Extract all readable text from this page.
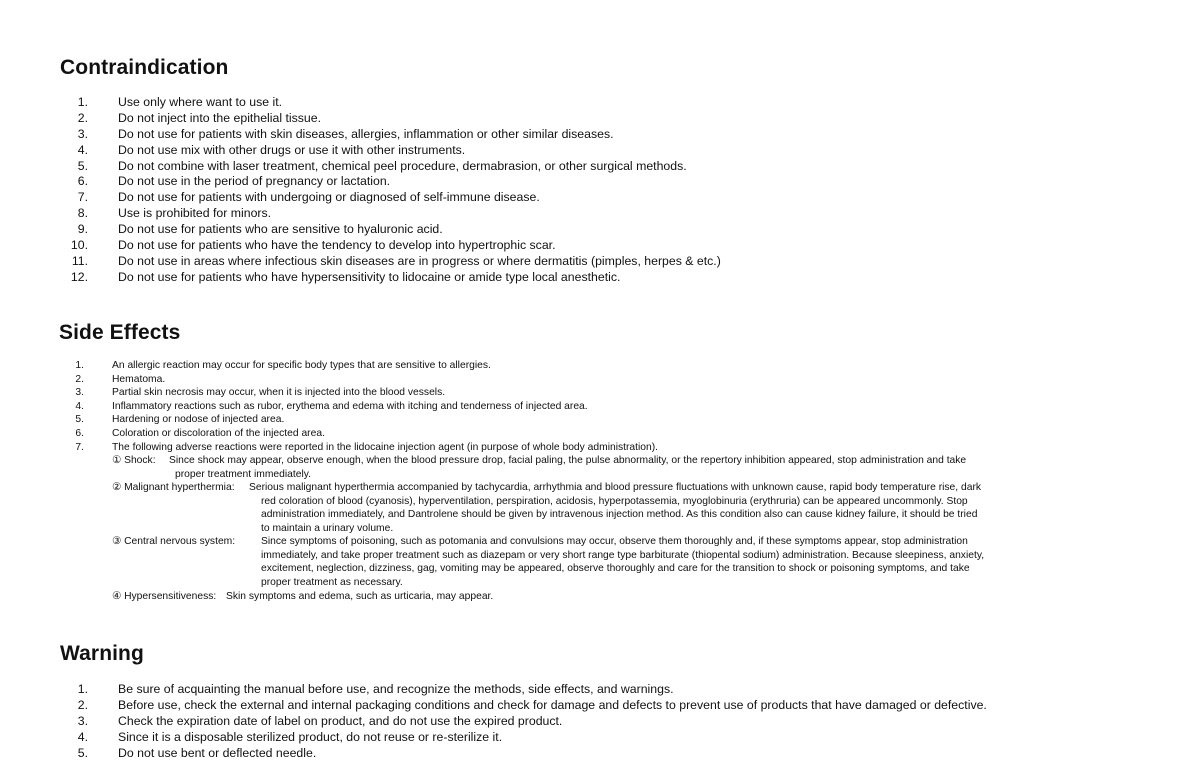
Contraindication
1. Use only where want to use it.
2. Do not inject into the epithelial tissue.
3. Do not use for patients with skin diseases, allergies, inflammation or other similar diseases.
4. Do not use mix with other drugs or use it with other instruments.
5. Do not combine with laser treatment, chemical peel procedure, dermabrasion, or other surgical methods.
6. Do not use in the period of pregnancy or lactation.
7. Do not use for patients with undergoing or diagnosed of self-immune disease.
8. Use is prohibited for minors.
9. Do not use for patients who are sensitive to hyaluronic acid.
10. Do not use for patients who have the tendency to develop into hypertrophic scar.
11. Do not use in areas where infectious skin diseases are in progress or where dermatitis (pimples, herpes & etc.)
12. Do not use for patients who have hypersensitivity to lidocaine or amide type local anesthetic.
Side Effects
1.	An allergic reaction may occur for specific body types that are sensitive to allergies.
2.	Hematoma.
3.	Partial skin necrosis may occur, when it is injected into the blood vessels.
4.	Inflammatory reactions such as rubor, erythema and edema with itching and tenderness of injected area.
5.	Hardening or nodose of injected area.
6.	Coloration or discoloration of the injected area.
7.	The following adverse reactions were reported in the lidocaine injection agent (in purpose of whole body administration).
① Shock: Since shock may appear, observe enough, when the blood pressure drop, facial paling, the pulse abnormality, or the repertory inhibition appeared, stop administration and take
proper treatment immediately.
② Malignant hyperthermia: Serious malignant hyperthermia accompanied by tachycardia, arrhythmia and blood pressure fluctuations with unknown cause, rapid body temperature rise, dark
red coloration of blood (cyanosis), hyperventilation, perspiration, acidosis, hyperpotassemia, myoglobinuria (erythruria) can be appeared uncommonly. Stop
administration immediately, and Dantrolene should be given by intravenous injection method. As this condition also can cause kidney failure, it should be tried
to maintain a urinary volume.
③ Central nervous system:	Since symptoms of poisoning, such as potomania and convulsions may occur, observe them thoroughly and, if these symptoms appear, stop administration
immediately, and take proper treatment such as diazepam or very short range type barbiturate (thiopental sodium) administration. Because sleepiness, anxiety,
excitement, neglection, dizziness, gag, vomiting may be appeared, observe thoroughly and care for the transition to shock or poisoning symptoms, and take
proper treatment as necessary.
④ Hypersensitiveness: Skin symptoms and edema, such as urticaria, may appear.
Warning
1. Be sure of acquainting the manual before use, and recognize the methods, side effects, and warnings.
2. Before use, check the external and internal packaging conditions and check for damage and defects to prevent use of products that have damaged or defective.
3. Check the expiration date of label on product, and do not use the expired product.
4. Since it is a disposable sterilized product, do not reuse or re-sterilize it.
5. Do not use bent or deflected needle.
